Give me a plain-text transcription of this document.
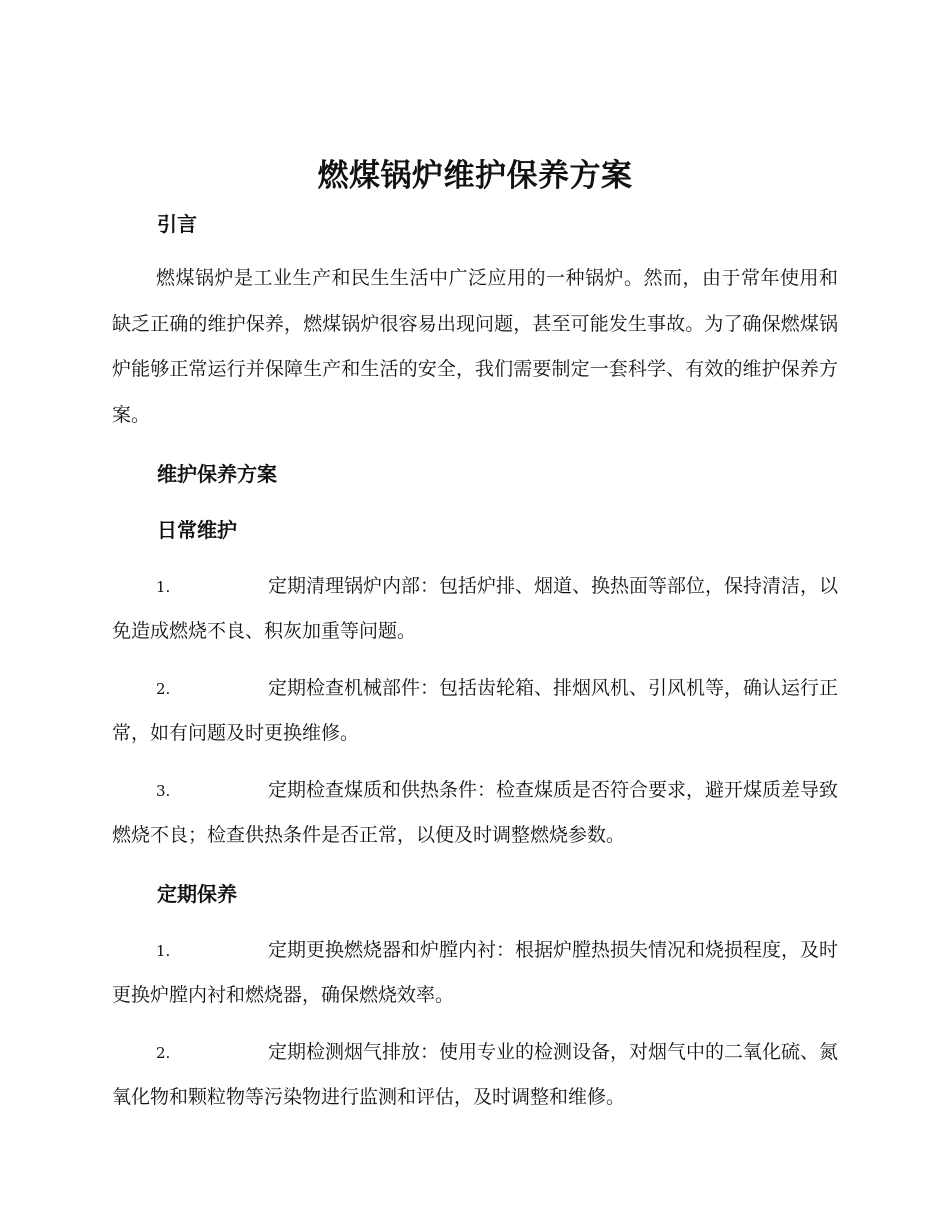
燃煤锅炉维护保养方案
引言
燃煤锅炉是工业生产和民生生活中广泛应用的一种锅炉。然而，由于常年使用和缺乏正确的维护保养，燃煤锅炉很容易出现问题，甚至可能发生事故。为了确保燃煤锅炉能够正常运行并保障生产和生活的安全，我们需要制定一套科学、有效的维护保养方案。
维护保养方案
日常维护
1.	定期清理锅炉内部：包括炉排、烟道、换热面等部位，保持清洁，以免造成燃烧不良、积灰加重等问题。
2.	定期检查机械部件：包括齿轮箱、排烟风机、引风机等，确认运行正常，如有问题及时更换维修。
3.	定期检查煤质和供热条件：检查煤质是否符合要求，避开煤质差导致燃烧不良；检查供热条件是否正常，以便及时调整燃烧参数。
定期保养
1.	定期更换燃烧器和炉膛内衬：根据炉膛热损失情况和烧损程度，及时更换炉膛内衬和燃烧器，确保燃烧效率。
2.	定期检测烟气排放：使用专业的检测设备，对烟气中的二氧化硫、氮氧化物和颗粒物等污染物进行监测和评估，及时调整和维修。
